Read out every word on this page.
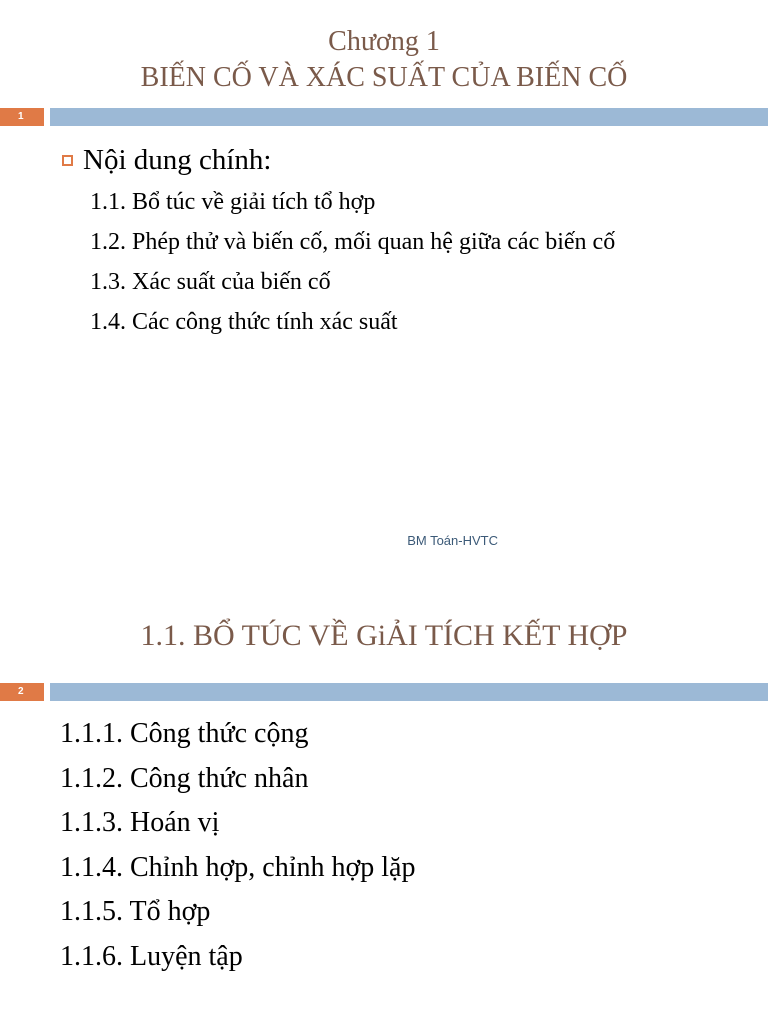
Chương 1
BIẾN CỐ VÀ XÁC SUẤT CỦA BIẾN CỐ
1
Nội dung chính:
1.1. Bổ túc về giải tích tổ hợp
1.2. Phép thử và biến cố, mối quan hệ giữa các biến cố
1.3. Xác suất của biến cố
1.4. Các công thức tính xác suất
BM Toán-HVTC
1.1. BỔ TÚC VỀ GiẢI TÍCH KẾT HỢP
2
1.1.1. Công thức cộng
1.1.2. Công thức nhân
1.1.3. Hoán vị
1.1.4. Chỉnh hợp, chỉnh hợp lặp
1.1.5. Tổ hợp
1.1.6. Luyện tập
